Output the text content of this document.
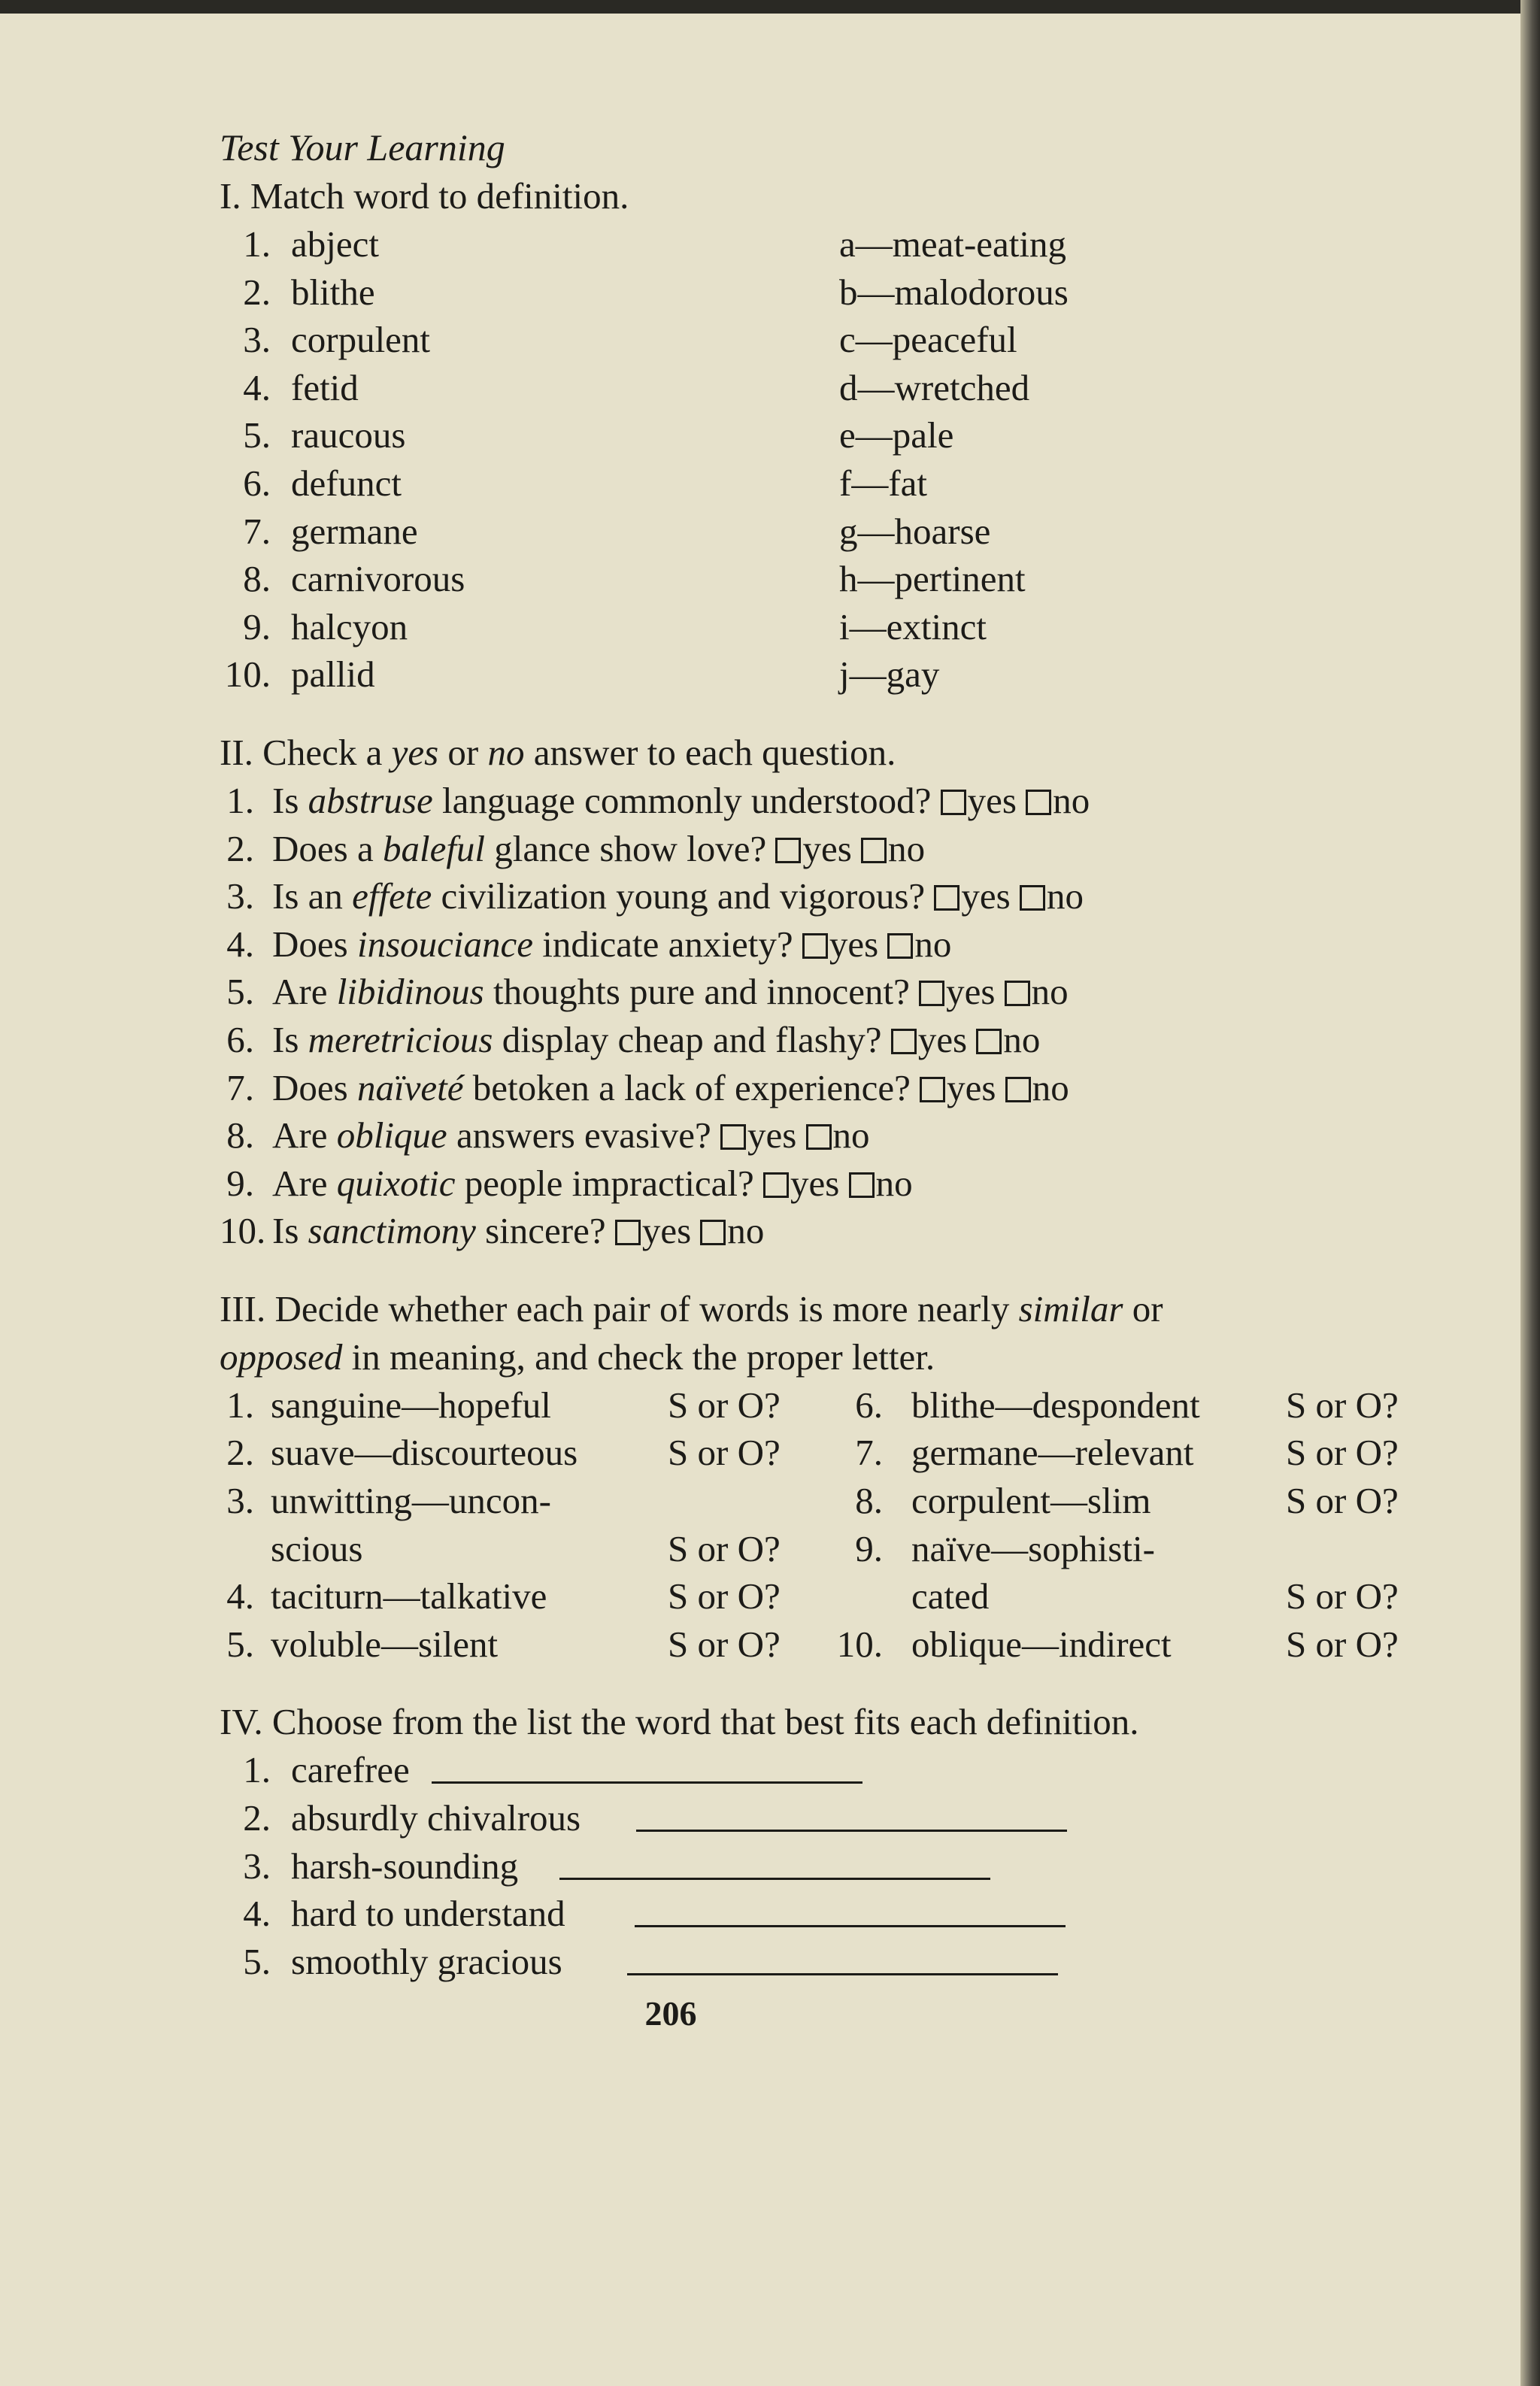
Test Your Learning
I. Match word to definition.
1. abject	a—meat-eating
2. blithe	b—malodorous
3. corpulent	c—peaceful
4. fetid	d—wretched
5. raucous	e—pale
6. defunct	f—fat
7. germane	g—hoarse
8. carnivorous	h—pertinent
9. halcyon	i—extinct
10. pallid	j—gay
II. Check a yes or no answer to each question.
1. Is abstruse language commonly understood? yes no
2. Does a baleful glance show love? yes no
3. Is an effete civilization young and vigorous? yes no
4. Does insouciance indicate anxiety? yes no
5. Are libidinous thoughts pure and innocent? yes no
6. Is meretricious display cheap and flashy? yes no
7. Does naïveté betoken a lack of experience? yes no
8. Are oblique answers evasive? yes no
9. Are quixotic people impractical? yes no
10. Is sanctimony sincere? yes no
III. Decide whether each pair of words is more nearly similar or
opposed in meaning, and check the proper letter.
1. sanguine—hopeful	S or O?	6. blithe—despondent S or O?
2. suave—discourteous S or O?	7. germane—relevant	S or O?
3. unwitting—uncon-	8. corpulent—slim	S or O?
scious	S or O?	9. naïve—sophisti-
4. taciturn—talkative	S or O?	cated	S or O?
5. voluble—silent	S or O? 10. oblique—indirect	S or O?
IV. Choose from the list the word that best fits each definition.
1. carefree
2. absurdly chivalrous
3. harsh-sounding
4. hard to understand
5. smoothly gracious
206
